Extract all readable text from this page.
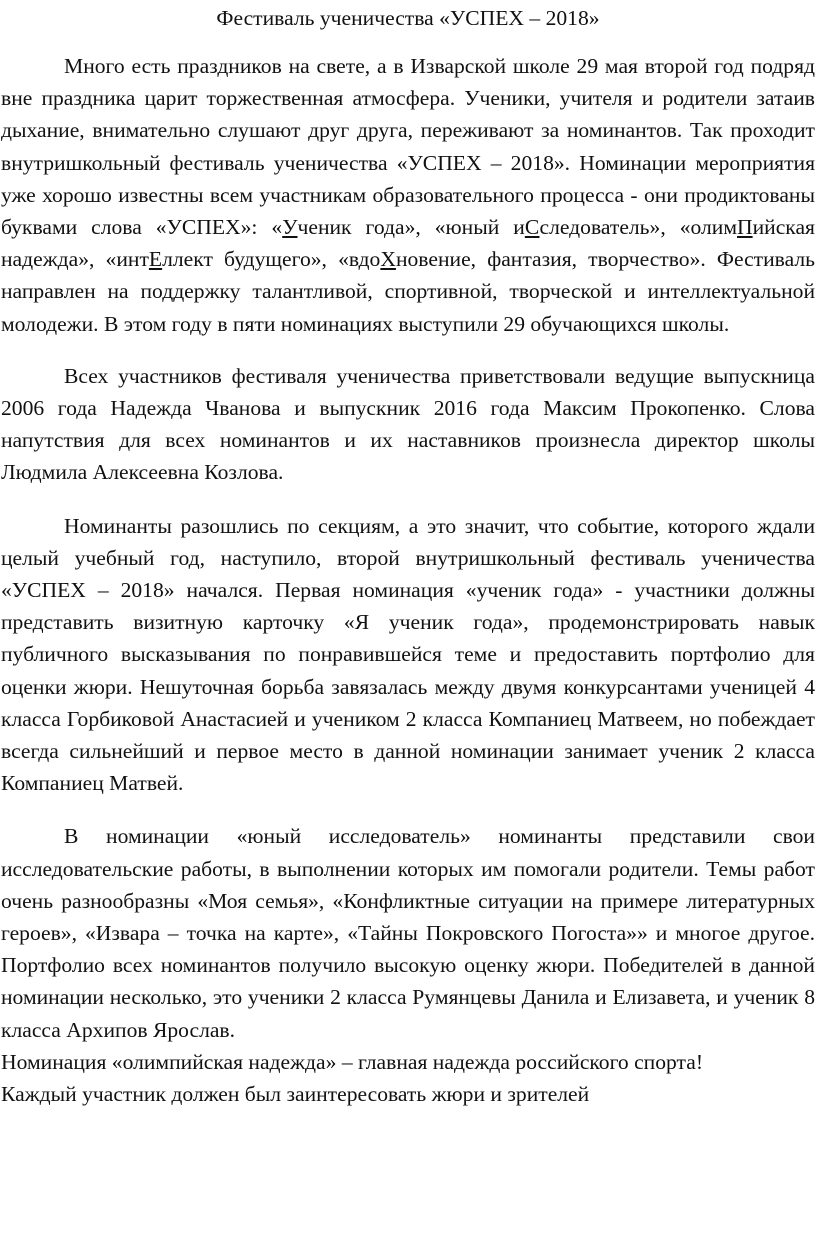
Фестиваль ученичества «УСПЕХ – 2018»

Много есть праздников на свете, а в Изварской школе 29 мая второй год подряд вне праздника царит торжественная атмосфера. Ученики, учителя и родители затаив дыхание, внимательно слушают друг друга, переживают за номинантов. Так проходит внутришкольный фестиваль ученичества «УСПЕХ – 2018». Номинации мероприятия уже хорошо известны всем участникам образовательного процесса - они продиктованы буквами слова «УСПЕХ»: «Ученик года», «юный иСследователь», «олимПийская надежда», «интЕллект будущего», «вдоХновение, фантазия, творчество». Фестиваль направлен на поддержку талантливой, спортивной, творческой и интеллектуальной молодежи. В этом году в пяти номинациях выступили 29 обучающихся школы.

Всех участников фестиваля ученичества приветствовали ведущие выпускница 2006 года Надежда Чванова и выпускник 2016 года Максим Прокопенко. Слова напутствия для всех номинантов и их наставников произнесла директор школы Людмила Алексеевна Козлова.

Номинанты разошлись по секциям, а это значит, что событие, которого ждали целый учебный год, наступило, второй внутришкольный фестиваль ученичества «УСПЕХ – 2018» начался. Первая номинация «ученик года» - участники должны представить визитную карточку «Я ученик года», продемонстрировать навык публичного высказывания по понравившейся теме и предоставить портфолио для оценки жюри. Нешуточная борьба завязалась между двумя конкурсантами ученицей 4 класса Горбиковой Анастасией и учеником 2 класса Компаниец Матвеем, но побеждает всегда сильнейший и первое место в данной номинации занимает ученик 2 класса Компаниец Матвей.

В номинации «юный исследователь» номинанты представили свои исследовательские работы, в выполнении которых им помогали родители. Темы работ очень разнообразны «Моя семья», «Конфликтные ситуации на примере литературных героев», «Извара – точка на карте», «Тайны Покровского Погоста»» и многое другое. Портфолио всех номинантов получило высокую оценку жюри. Победителей в данной номинации несколько, это ученики 2 класса Румянцевы Данила и Елизавета, и ученик 8 класса Архипов Ярослав.

Номинация «олимпийская надежда» – главная надежда российского спорта!

Каждый участник должен был заинтересовать жюри и зрителей
